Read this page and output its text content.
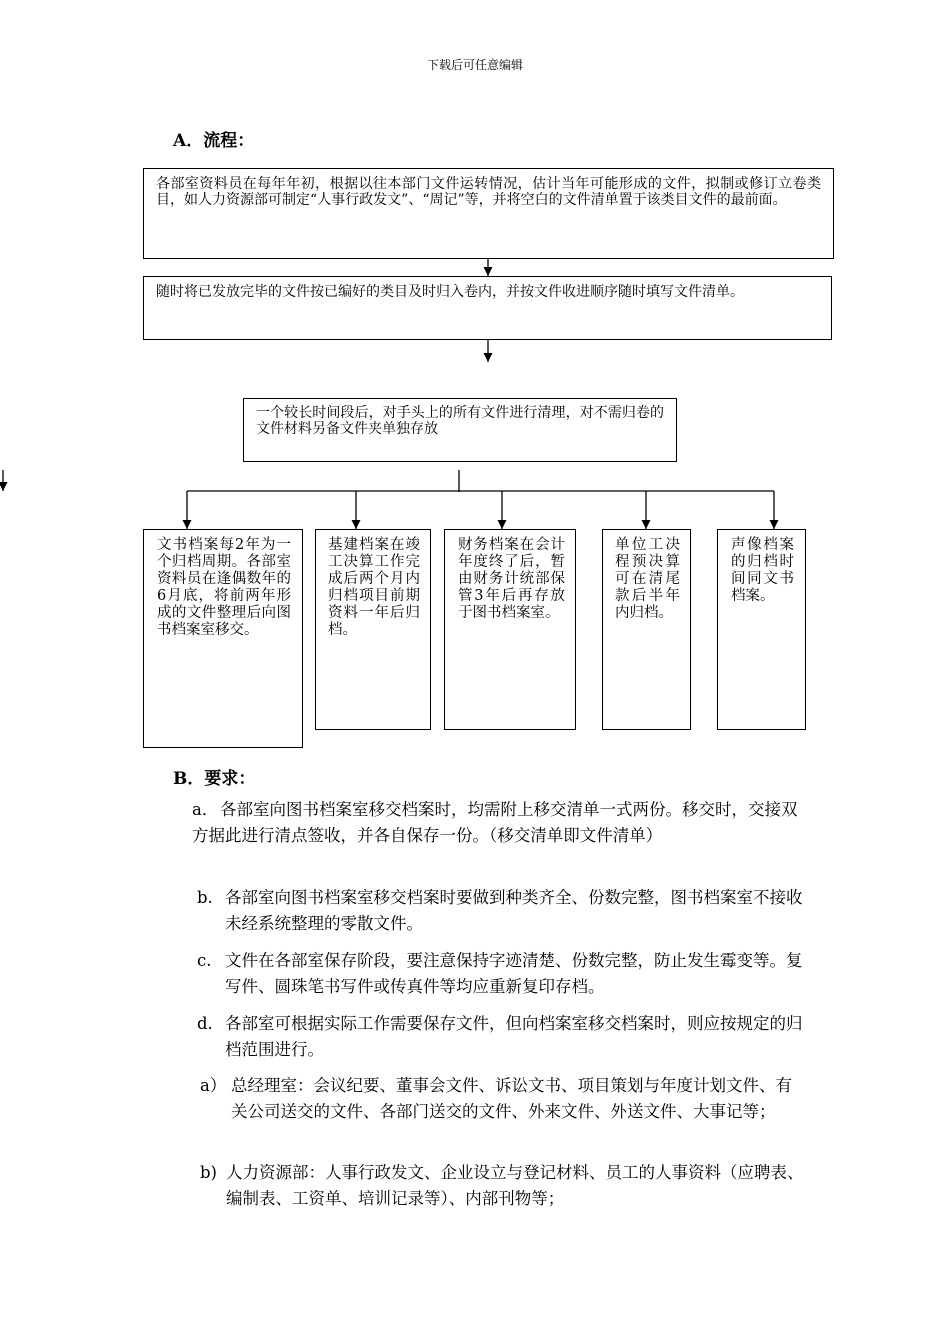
下载后可任意编辑
A．流程：
各部室资料员在每年年初，根据以往本部门文件运转情况，估计当年可能形成的文件，拟制或修订立卷类目，如人力资源部可制定“人事行政发文”、“周记”等，并将空白的文件清单置于该类目文件的最前面。
随时将已发放完毕的文件按已编好的类目及时归入卷内，并按文件收进顺序随时填写文件清单。
一个较长时间段后，对手头上的所有文件进行清理，对不需归卷的文件材料另备文件夹单独存放
文书档案每2年为一个归档周期。各部室资料员在逢偶数年的6月底，将前两年形成的文件整理后向图书档案室移交。
基建档案在竣工决算工作完成后两个月内归档项目前期资料一年后归档。
财务档案在会计年度终了后，暂由财务计统部保管3年后再存放于图书档案室。
单位工决程预决算可在清尾款后半年内归档。
声像档案的归档时间同文书档案。
B．要求：
a． 各部室向图书档案室移交档案时，均需附上移交清单一式两份。移交时，交接双方据此进行清点签收，并各自保存一份。（移交清单即文件清单）
b. 各部室向图书档案室移交档案时要做到种类齐全、份数完整，图书档案室不接收未经系统整理的零散文件。
c. 文件在各部室保存阶段，要注意保持字迹清楚、份数完整，防止发生霉变等。复写件、圆珠笔书写件或传真件等均应重新复印存档。
d. 各部室可根据实际工作需要保存文件，但向档案室移交档案时，则应按规定的归档范围进行。
a） 总经理室：会议纪要、董事会文件、诉讼文书、项目策划与年度计划文件、有关公司送交的文件、各部门送交的文件、外来文件、外送文件、大事记等；
b) 人力资源部：人事行政发文、企业设立与登记材料、员工的人事资料（应聘表、编制表、工资单、培训记录等）、内部刊物等；
